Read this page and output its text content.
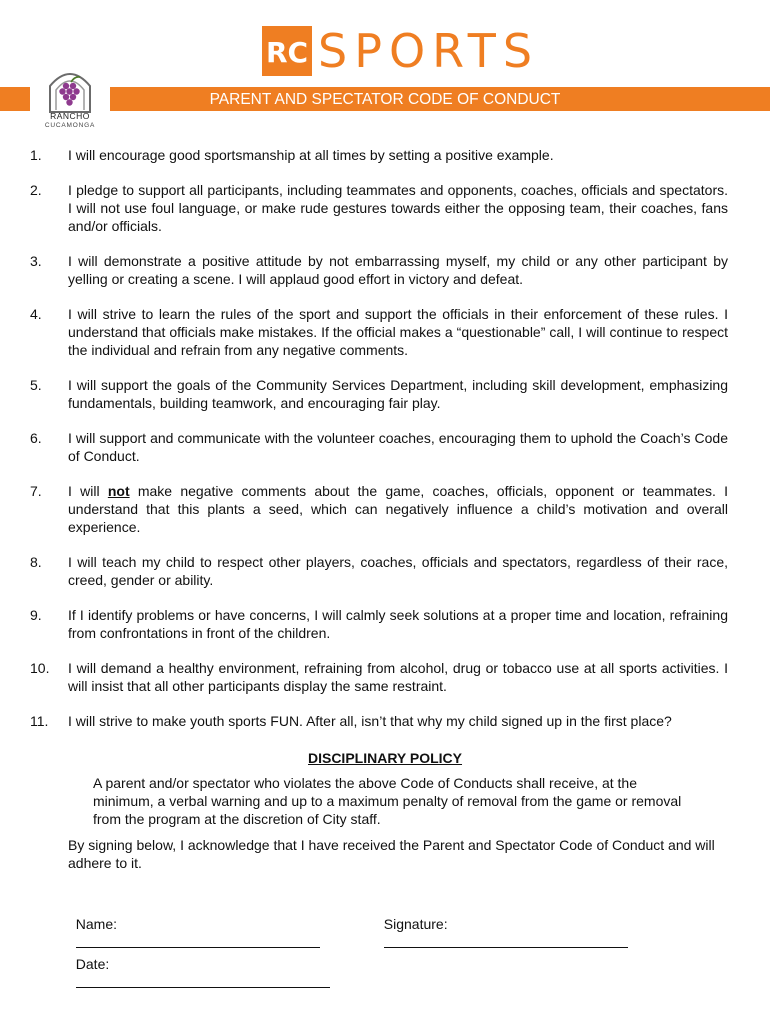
RC SPORTS
PARENT AND SPECTATOR CODE OF CONDUCT
RANCHO
CUCAMONGA
1.	I will encourage good sportsmanship at all times by setting a positive example.
2.	I pledge to support all participants, including teammates and opponents, coaches, officials and spectators. I will not use foul language, or make rude gestures towards either the opposing team, their coaches, fans and/or officials.
3.	I will demonstrate a positive attitude by not embarrassing myself, my child or any other participant by yelling or creating a scene. I will applaud good effort in victory and defeat.
4.	I will strive to learn the rules of the sport and support the officials in their enforcement of these rules. I understand that officials make mistakes. If the official makes a “questionable” call, I will continue to respect the individual and refrain from any negative comments.
5.	I will support the goals of the Community Services Department, including skill development, emphasizing fundamentals, building teamwork, and encouraging fair play.
6.	I will support and communicate with the volunteer coaches, encouraging them to uphold the Coach’s Code of Conduct.
7.	I will not make negative comments about the game, coaches, officials, opponent or teammates. I understand that this plants a seed, which can negatively influence a child’s motivation and overall experience.
8.	I will teach my child to respect other players, coaches, officials and spectators, regardless of their race, creed, gender or ability.
9.	If I identify problems or have concerns, I will calmly seek solutions at a proper time and location, refraining from confrontations in front of the children.
10.	I will demand a healthy environment, refraining from alcohol, drug or tobacco use at all sports activities. I will insist that all other participants display the same restraint.
11.	I will strive to make youth sports FUN. After all, isn’t that why my child signed up in the first place?
DISCIPLINARY POLICY
A parent and/or spectator who violates the above Code of Conducts shall receive, at the minimum, a verbal warning and up to a maximum penalty of removal from the game or removal from the program at the discretion of City staff.
By signing below, I acknowledge that I have received the Parent and Spectator Code of Conduct and will adhere to it.

Name:
	Signature:

Date:
